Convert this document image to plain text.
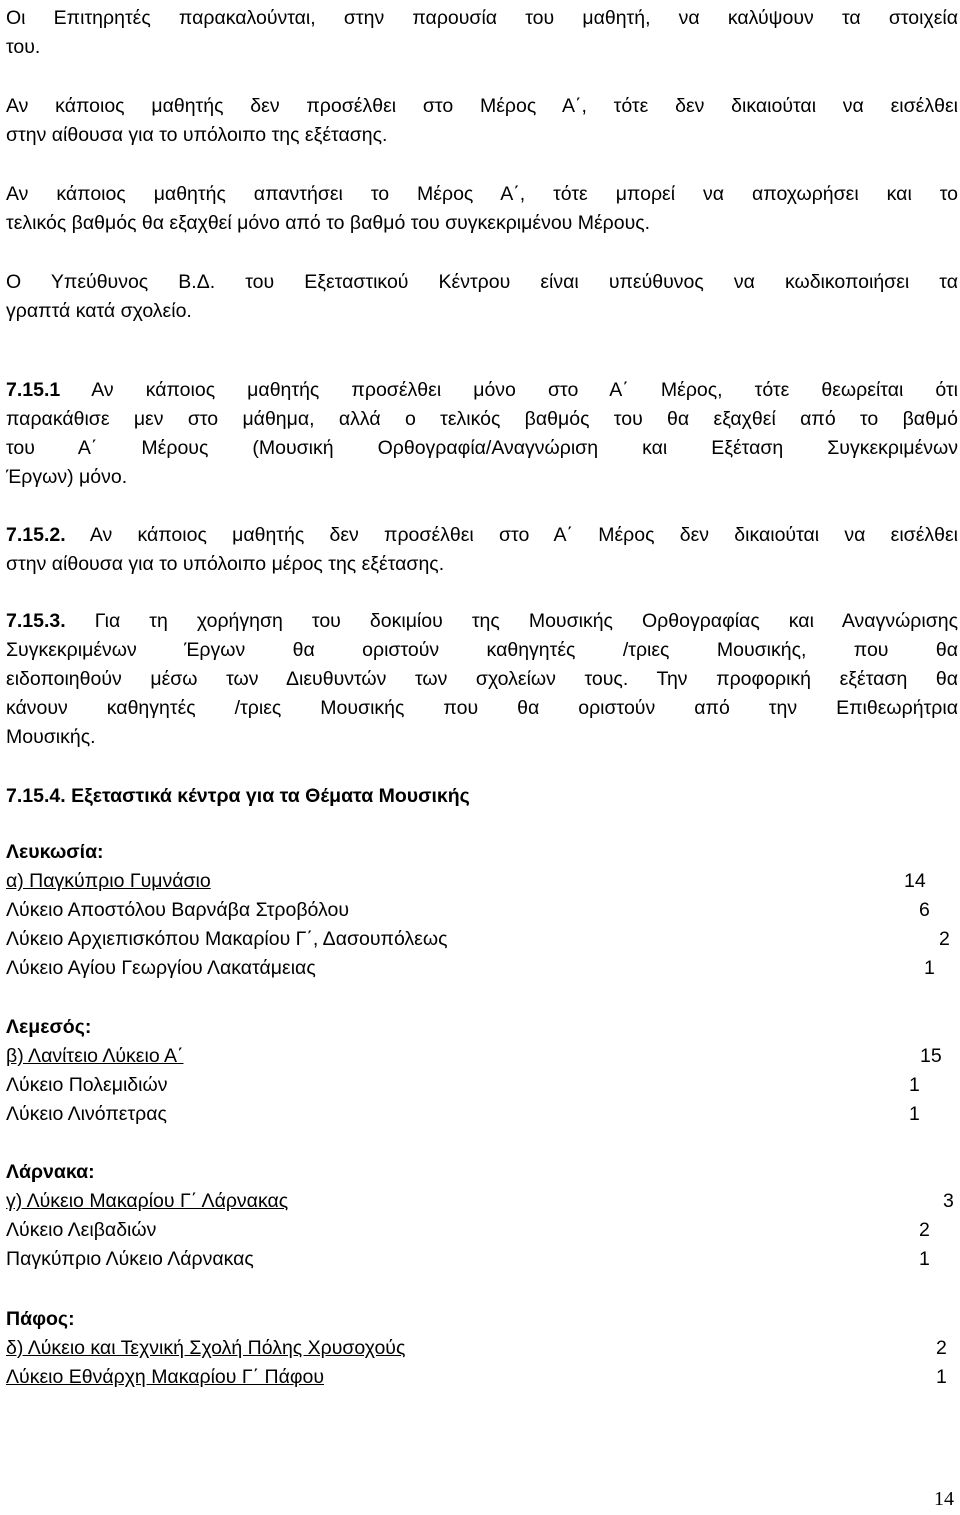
Οι Επιτηρητές παρακαλούνται, στην παρουσία του μαθητή, να καλύψουν τα στοιχεία
του.
Αν κάποιος μαθητής δεν προσέλθει στο Μέρος Α΄, τότε δεν δικαιούται να εισέλθει
στην αίθουσα για το υπόλοιπο της εξέτασης.
Αν κάποιος μαθητής απαντήσει το Μέρος Α΄, τότε μπορεί να αποχωρήσει και το
τελικός βαθμός θα εξαχθεί μόνο από το βαθμό του συγκεκριμένου Μέρους.
Ο Υπεύθυνος Β.Δ. του Εξεταστικού Κέντρου είναι υπεύθυνος να κωδικοποιήσει τα
γραπτά κατά σχολείο.
7.15.1 Αν κάποιος μαθητής προσέλθει μόνο στο Α΄ Μέρος, τότε θεωρείται ότι
παρακάθισε μεν στο μάθημα, αλλά ο τελικός βαθμός του θα εξαχθεί από το βαθμό
του Α΄ Μέρους (Μουσική Ορθογραφία/Αναγνώριση και Εξέταση Συγκεκριμένων
Έργων) μόνο.
7.15.2. Αν κάποιος μαθητής δεν προσέλθει στο Α΄ Μέρος δεν δικαιούται να εισέλθει
στην αίθουσα για το υπόλοιπο μέρος της εξέτασης.
7.15.3. Για τη χορήγηση του δοκιμίου της Μουσικής Ορθογραφίας και Αναγνώρισης
Συγκεκριμένων Έργων θα οριστούν καθηγητές /τριες Μουσικής, που θα
ειδοποιηθούν μέσω των Διευθυντών των σχολείων τους. Την προφορική εξέταση θα
κάνουν καθηγητές /τριες Μουσικής που θα οριστούν από την Επιθεωρήτρια
Μουσικής.
7.15.4. Εξεταστικά κέντρα για τα Θέματα Μουσικής
Λευκωσία:
α) Παγκύπριο Γυμνάσιο	14
Λύκειο Αποστόλου Βαρνάβα Στροβόλου	6
Λύκειο Αρχιεπισκόπου Μακαρίου Γ΄, Δασουπόλεως	2
Λύκειο Αγίου Γεωργίου Λακατάμειας	1
Λεμεσός:
β) Λανίτειο Λύκειο Α΄	15
Λύκειο Πολεμιδιών	1
Λύκειο Λινόπετρας	1
Λάρνακα:
γ) Λύκειο Μακαρίου Γ΄ Λάρνακας	3
Λύκειο Λειβαδιών	2
Παγκύπριο Λύκειο Λάρνακας	1
Πάφος:
δ) Λύκειο και Τεχνική Σχολή Πόλης Χρυσοχούς	2
Λύκειο Εθνάρχη Μακαρίου Γ΄ Πάφου	1
14
